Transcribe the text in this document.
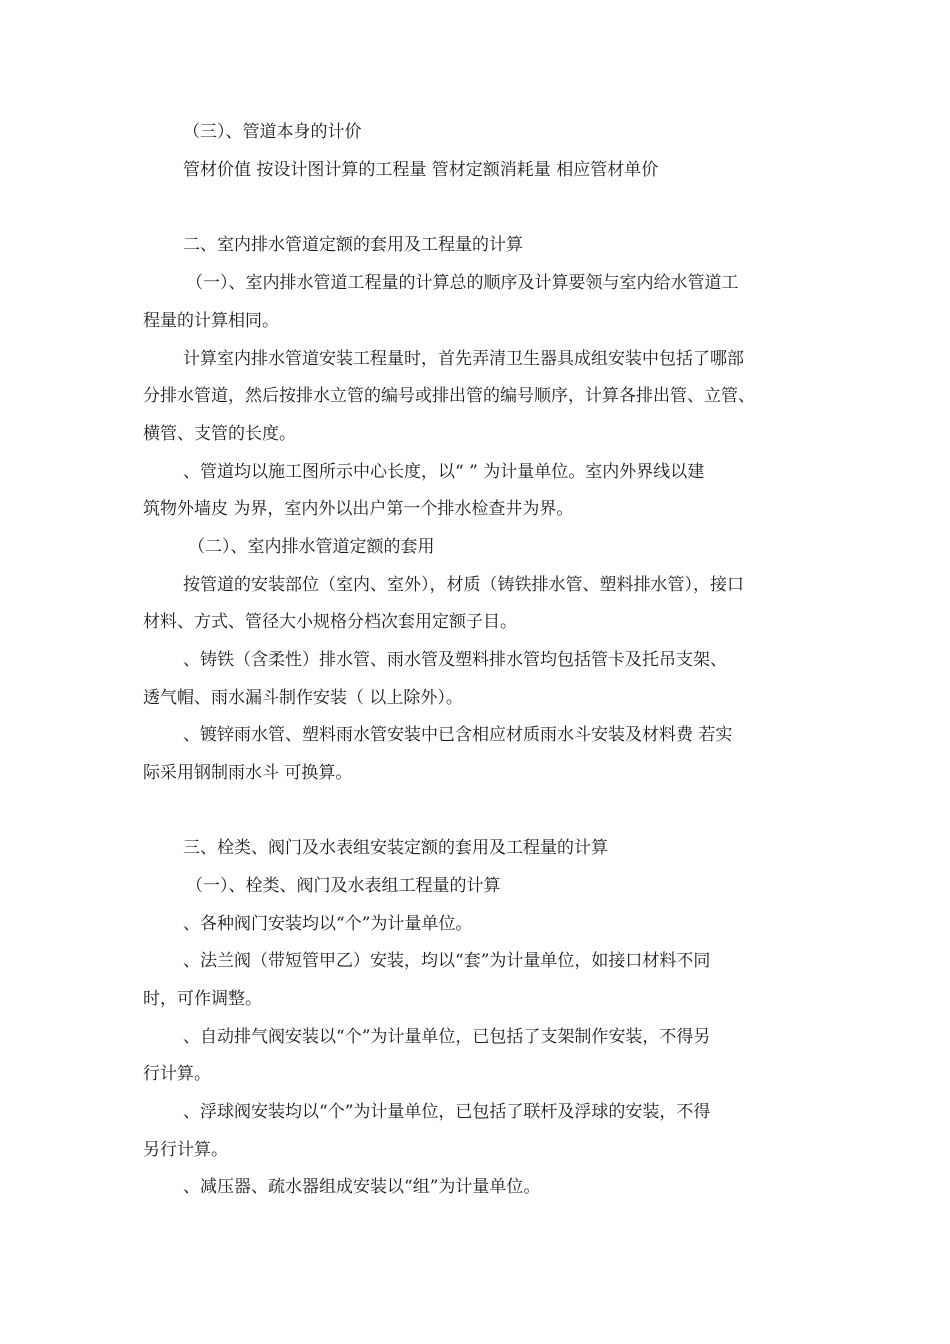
（三）、管道本身的计价
管材价值 按设计图计算的工程量 管材定额消耗量 相应管材单价
二、室内排水管道定额的套用及工程量的计算
（一）、室内排水管道工程量的计算总的顺序及计算要领与室内给水管道工
程量的计算相同。
计算室内排水管道安装工程量时，首先弄清卫生器具成组安装中包括了哪部
分排水管道，然后按排水立管的编号或排出管的编号顺序，计算各排出管、立管、
横管、支管的长度。
、管道均以施工图所示中心长度，以“ ” 为计量单位。室内外界线以建
筑物外墙皮 为界，室内外以出户第一个排水检查井为界。
（二）、室内排水管道定额的套用
按管道的安装部位（室内、室外），材质（铸铁排水管、塑料排水管），接口
材料、方式、管径大小规格分档次套用定额子目。
、铸铁（含柔性）排水管、雨水管及塑料排水管均包括管卡及托吊支架、
透气帽、雨水漏斗制作安装（ 以上除外）。
、镀锌雨水管、塑料雨水管安装中已含相应材质雨水斗安装及材料费 若实
际采用钢制雨水斗 可换算。
三、栓类、阀门及水表组安装定额的套用及工程量的计算
（一）、栓类、阀门及水表组工程量的计算
、各种阀门安装均以“个”为计量单位。
、法兰阀（带短管甲乙）安装，均以“套”为计量单位，如接口材料不同
时，可作调整。
、自动排气阀安装以“个”为计量单位，已包括了支架制作安装，不得另
行计算。
、浮球阀安装均以“个”为计量单位，已包括了联杆及浮球的安装，不得
另行计算。
、减压器、疏水器组成安装以“组”为计量单位。
